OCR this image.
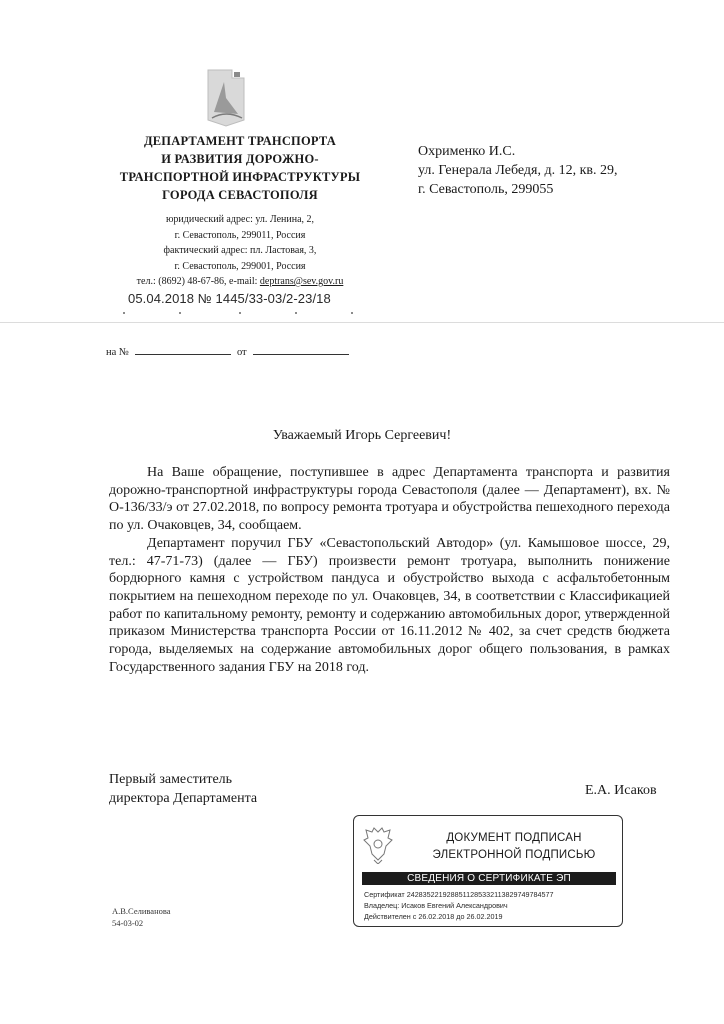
ДЕПАРТАМЕНТ ТРАНСПОРТА
И РАЗВИТИЯ ДОРОЖНО-
ТРАНСПОРТНОЙ ИНФРАСТРУКТУРЫ
ГОРОДА СЕВАСТОПОЛЯ
юридический адрес: ул. Ленина, 2,
г. Севастополь, 299011, Россия
фактический адрес: пл. Ластовая, 3,
г. Севастополь, 299001, Россия
тел.: (8692) 48-67-86, e-mail: deptrans@sev.gov.ru
05.04.2018 № 1445/33-03/2-23/18
Охрименко И.С.
ул. Генерала Лебедя, д. 12, кв. 29,
г. Севастополь, 299055
на №	от
Уважаемый Игорь Сергеевич!

На Ваше обращение, поступившее в адрес Департамента транспорта и развития дорожно-транспортной инфраструктуры города Севастополя (далее — Департамент), вх. № О-136/33/э от 27.02.2018, по вопросу ремонта тротуара и обустройства пешеходного перехода по ул. Очаковцев, 34, сообщаем.

Департамент поручил ГБУ «Севастопольский Автодор» (ул. Камышовое шоссе, 29, тел.: 47-71-73) (далее — ГБУ) произвести ремонт тротуара, выполнить понижение бордюрного камня с устройством пандуса и обустройство выхода с асфальтобетонным покрытием на пешеходном переходе по ул. Очаковцев, 34, в соответствии с Классификацией работ по капитальному ремонту, ремонту и содержанию автомобильных дорог, утвержденной приказом Министерства транспорта России от 16.11.2012 № 402, за счет средств бюджета города, выделяемых на содержание автомобильных дорог общего пользования, в рамках Государственного задания ГБУ на 2018 год.

Первый заместитель
директора Департамента
Е.А. Исаков
ДОКУМЕНТ ПОДПИСАН
ЭЛЕКТРОННОЙ ПОДПИСЬЮ
СВЕДЕНИЯ О СЕРТИФИКАТЕ ЭП
Сертификат 2428352219288511285332113829749784577
Владелец: Исаков Евгений Александрович
Действителен с 26.02.2018 до 26.02.2019
А.В.Селиванова
54-03-02
